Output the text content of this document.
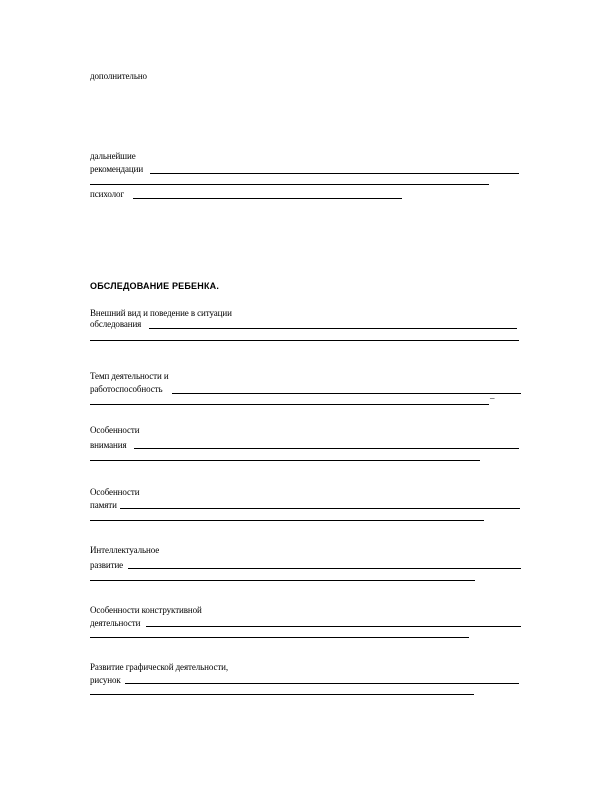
дополнительно
дальнейшие
рекомендации
психолог
ОБСЛЕДОВАНИЕ РЕБЕНКА.
Внешний вид и поведение в ситуации
обследования
Темп деятельности и
работоспособность
–
Особенности
внимания
Особенности
памяти
Интеллектуальное
развитие
Особенности конструктивной
деятельности
Развитие графической деятельности,
рисунок
